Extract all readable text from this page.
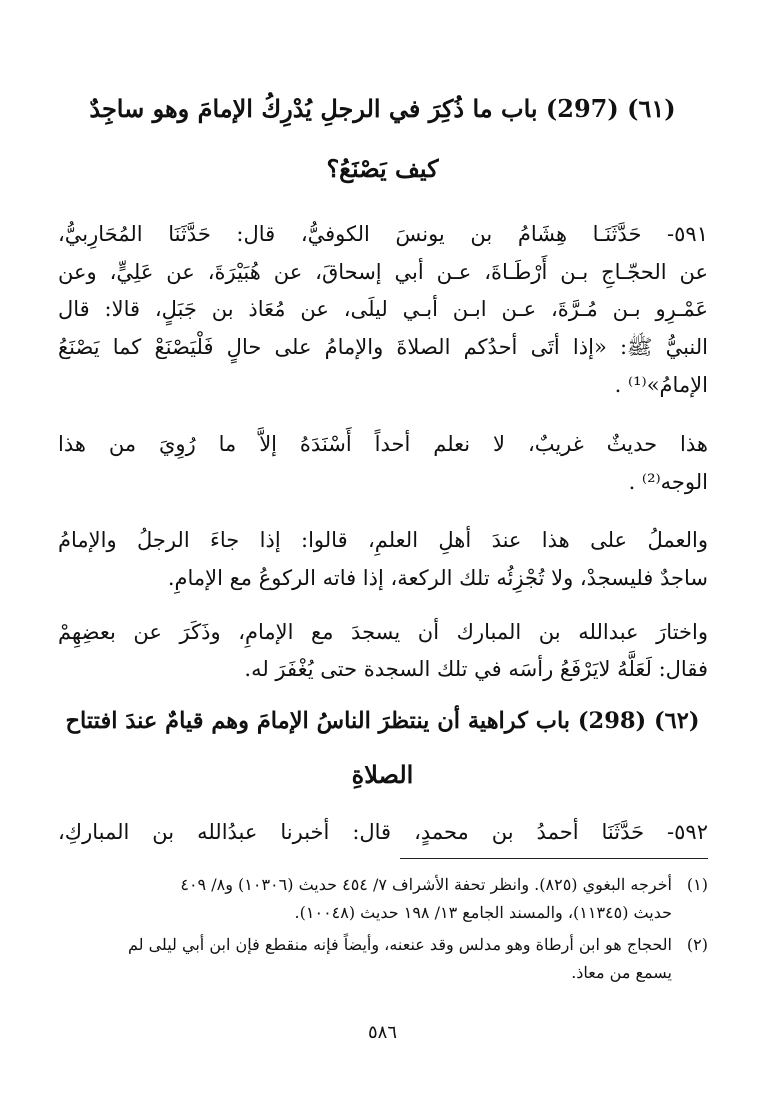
(٦١) (297) باب ما ذُكِرَ في الرجلِ يُدْرِكُ الإمامَ وهو ساجِدٌ
كيف يَصْنَعُ؟
٥٩١- حَدَّثَنَـا هِشَامُ بن يونسَ الكوفيُّ، قال: حَدَّثَنَا المُحَارِبيُّ،
عن الحجّـاجِ بـن أَرْطَـاةَ، عـن أبي إسحاقَ، عن هُبَيْرَةَ، عن عَلِيٍّ، وعن
عَمْـرِو بـن مُـرَّةَ، عـن ابـن أبـي ليلَى، عن مُعَاذ بن جَبَلٍ، قالا: قال
النبيُّ ﷺ: «إذا أتَى أحدُكم الصلاةَ والإمامُ على حالٍ فَلْيَصْنَعْ كما يَصْنَعُ
الإمامُ»⁽¹⁾ .
هذا حديثٌ غريبٌ، لا نعلم أحداً أَسْنَدَهُ إلاَّ ما رُوِيَ من هذا
الوجه⁽²⁾ .
والعملُ على هذا عندَ أهلِ العلمِ، قالوا: إذا جاءَ الرجلُ والإمامُ
ساجدٌ فليسجدْ، ولا تُجْزِئُه تلك الركعة، إذا فاته الركوعُ مع الإمامِ.
واختارَ عبدالله بن المبارك أن يسجدَ مع الإمامِ، وذَكَرَ عن بعضِهِمْ
فقال: لَعَلَّهُ لايَرْفَعُ رأسَه في تلك السجدة حتى يُغْفَرَ له.
(٦٢) (298) باب كراهية أن ينتظرَ الناسُ الإمامَ وهم قيامٌ عندَ افتتاح
الصلاةِ
٥٩٢- حَدَّثَنَا أحمدُ بن محمدٍ، قال: أخبرنا عبدُالله بن المباركِ،
(١)أخرجه البغوي (٨٢٥). وانظر تحفة الأشراف ٧/ ٤٥٤ حديث (١٠٣٠٦) و٨/ ٤٠٩
حديث (١١٣٤٥)، والمسند الجامع ١٣/ ١٩٨ حديث (١٠٠٤٨).
(٢)الحجاج هو ابن أرطاة وهو مدلس وقد عنعنه، وأيضاً فإنه منقطع فإن ابن أبي ليلى لم
يسمع من معاذ.
٥٨٦
